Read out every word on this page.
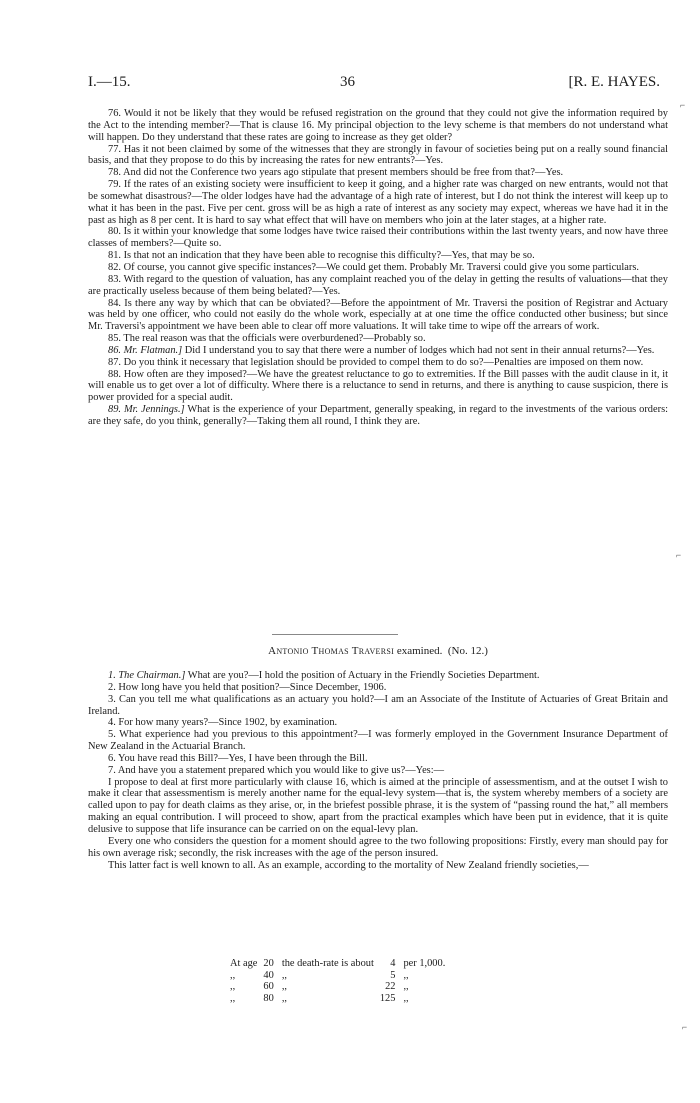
I.—15.	36	[R. E. HAYES.

76. Would it not be likely that they would be refused registration on the ground that they could not give the information required by the Act to the intending member?—That is clause 16. My principal objection to the levy scheme is that members do not understand what will happen. Do they understand that these rates are going to increase as they get older?

77. Has it not been claimed by some of the witnesses that they are strongly in favour of societies being put on a really sound financial basis, and that they propose to do this by increasing the rates for new entrants?—Yes.

78. And did not the Conference two years ago stipulate that present members should be free from that?—Yes.

79. If the rates of an existing society were insufficient to keep it going, and a higher rate was charged on new entrants, would not that be somewhat disastrous?—The older lodges have had the advantage of a high rate of interest, but I do not think the interest will keep up to what it has been in the past. Five per cent. gross will be as high a rate of interest as any society may expect, whereas we have had it in the past as high as 8 per cent. It is hard to say what effect that will have on members who join at the later stages, at a higher rate.

80. Is it within your knowledge that some lodges have twice raised their contributions within the last twenty years, and now have three classes of members?—Quite so.

81. Is that not an indication that they have been able to recognise this difficulty?—Yes, that may be so.

82. Of course, you cannot give specific instances?—We could get them. Probably Mr. Traversi could give you some particulars.

83. With regard to the question of valuation, has any complaint reached you of the delay in getting the results of valuations—that they are practically useless because of them being belated?—Yes.

84. Is there any way by which that can be obviated?—Before the appointment of Mr. Traversi the position of Registrar and Actuary was held by one officer, who could not easily do the whole work, especially at at one time the office conducted other business; but since Mr. Traversi's appointment we have been able to clear off more valuations. It will take time to wipe off the arrears of work.

85. The real reason was that the officials were overburdened?—Probably so.

86. Mr. Flatman.] Did I understand you to say that there were a number of lodges which had not sent in their annual returns?—Yes.

87. Do you think it necessary that legislation should be provided to compel them to do so?—Penalties are imposed on them now.

88. How often are they imposed?—We have the greatest reluctance to go to extremities. If the Bill passes with the audit clause in it, it will enable us to get over a lot of difficulty. Where there is a reluctance to send in returns, and there is anything to cause suspicion, there is power provided for a special audit.

89. Mr. Jennings.] What is the experience of your Department, generally speaking, in regard to the investments of the various orders: are they safe, do you think, generally?—Taking them all round, I think they are.

Antonio Thomas Traversi examined. (No. 12.)

1. The Chairman.] What are you?—I hold the position of Actuary in the Friendly Societies Department.

2. How long have you held that position?—Since December, 1906.

3. Can you tell me what qualifications as an actuary you hold?—I am an Associate of the Institute of Actuaries of Great Britain and Ireland.

4. For how many years?—Since 1902, by examination.

5. What experience had you previous to this appointment?—I was formerly employed in the Government Insurance Department of New Zealand in the Actuarial Branch.

6. You have read this Bill?—Yes, I have been through the Bill.

7. And have you a statement prepared which you would like to give us?—Yes:—

I propose to deal at first more particularly with clause 16, which is aimed at the principle of assessmentism, and at the outset I wish to make it clear that assessmentism is merely another name for the equal-levy system—that is, the system whereby members of a society are called upon to pay for death claims as they arise, or, in the briefest possible phrase, it is the system of “passing round the hat,” all members making an equal contribution. I will proceed to show, apart from the practical examples which have been put in evidence, that it is quite delusive to suppose that life insurance can be carried on on the equal-levy plan.

Every one who considers the question for a moment should agree to the two following propositions: Firstly, every man should pay for his own average risk; secondly, the risk increases with the age of the person insured.

This latter fact is well known to all. As an example, according to the mortality of New Zealand friendly societies,—

At age	20	the death-rate is about	4	per 1,000.
,,	40	,,	5	,,
,,	60	,,	22	,,
,,	80	,,	125	,,
⌐
⌐
⌐
